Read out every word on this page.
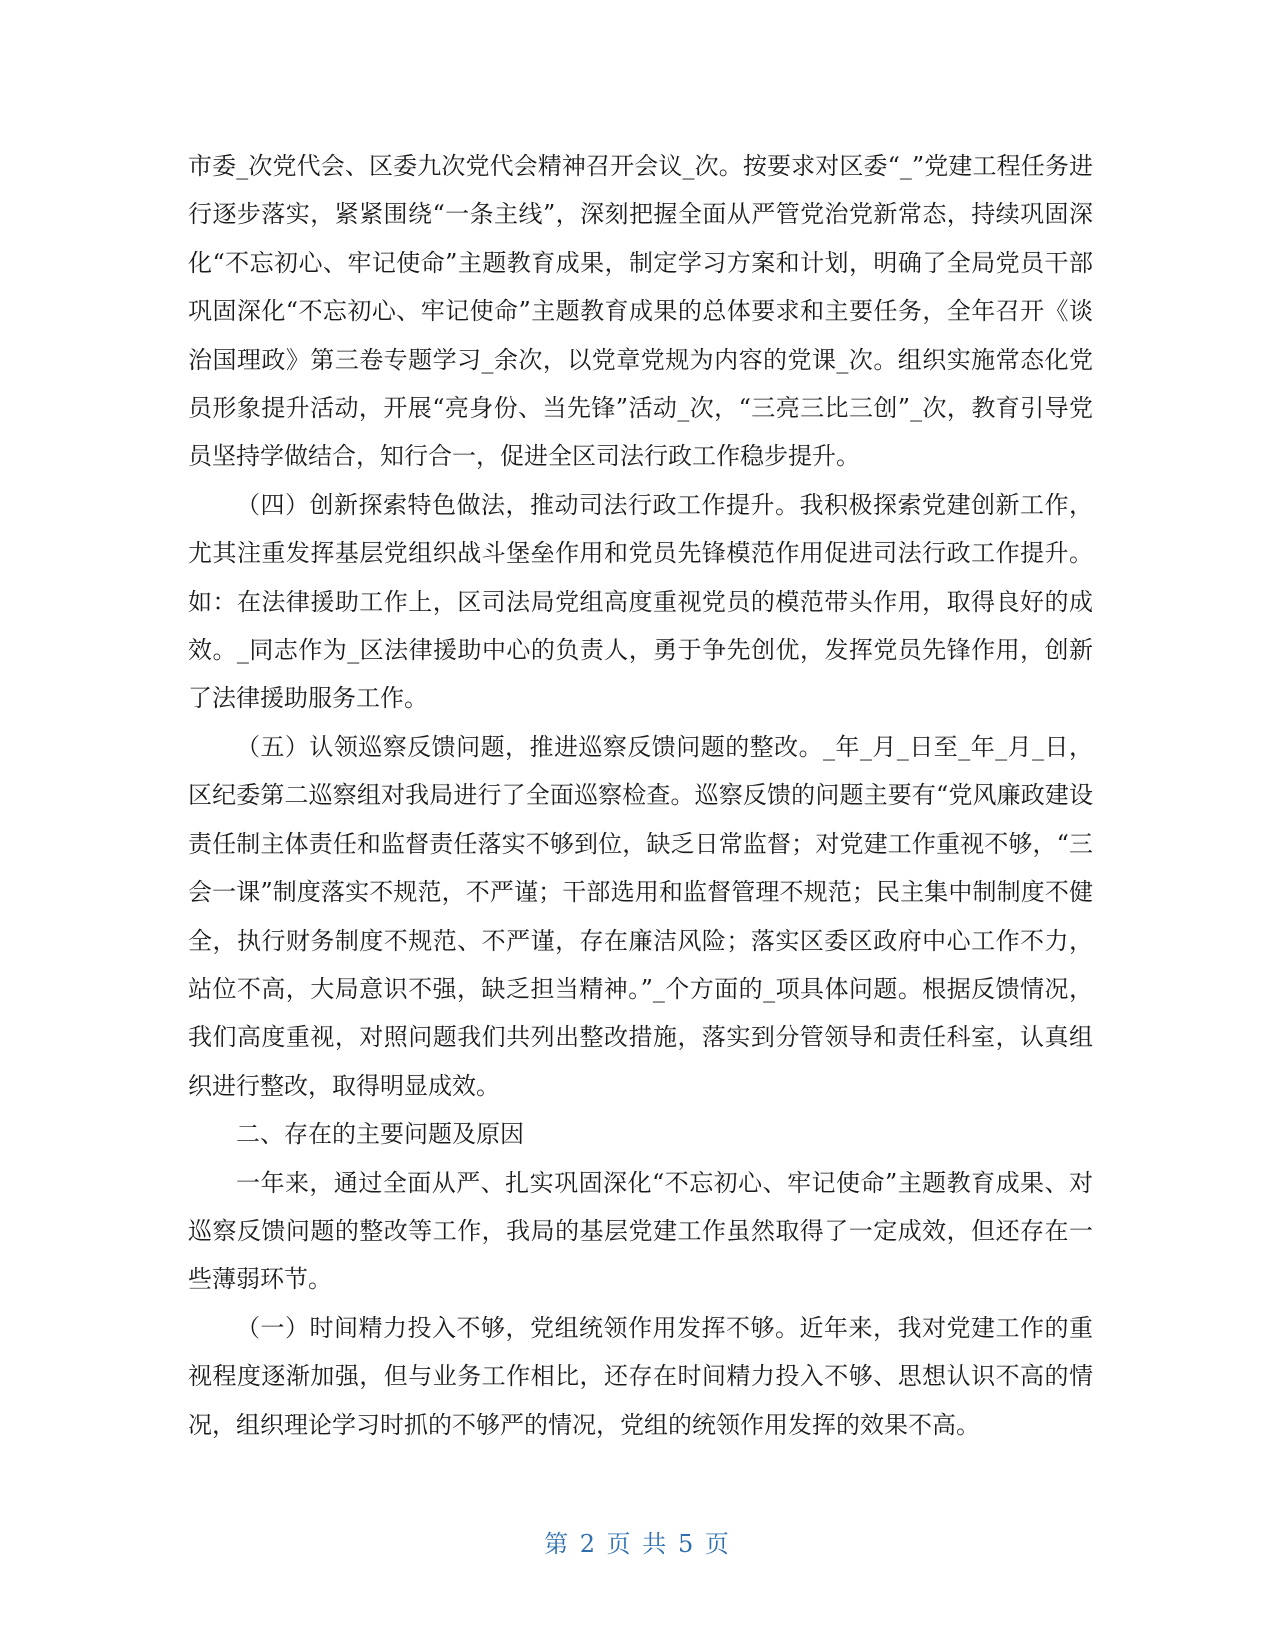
市委_次党代会、区委九次党代会精神召开会议_次。按要求对区委“_”党建工程任务进行逐步落实，紧紧围绕“一条主线”，深刻把握全面从严管党治党新常态，持续巩固深化“不忘初心、牢记使命”主题教育成果，制定学习方案和计划，明确了全局党员干部巩固深化“不忘初心、牢记使命”主题教育成果的总体要求和主要任务，全年召开《谈治国理政》第三卷专题学习_余次，以党章党规为内容的党课_次。组织实施常态化党员形象提升活动，开展“亮身份、当先锋”活动_次，“三亮三比三创”_次，教育引导党员坚持学做结合，知行合一，促进全区司法行政工作稳步提升。

（四）创新探索特色做法，推动司法行政工作提升。我积极探索党建创新工作，尤其注重发挥基层党组织战斗堡垒作用和党员先锋模范作用促进司法行政工作提升。如：在法律援助工作上，区司法局党组高度重视党员的模范带头作用，取得良好的成效。_同志作为_区法律援助中心的负责人，勇于争先创优，发挥党员先锋作用，创新了法律援助服务工作。

（五）认领巡察反馈问题，推进巡察反馈问题的整改。_年_月_日至_年_月_日，区纪委第二巡察组对我局进行了全面巡察检查。巡察反馈的问题主要有“党风廉政建设责任制主体责任和监督责任落实不够到位，缺乏日常监督；对党建工作重视不够，“三会一课”制度落实不规范，不严谨；干部选用和监督管理不规范；民主集中制制度不健全，执行财务制度不规范、不严谨，存在廉洁风险；落实区委区政府中心工作不力，站位不高，大局意识不强，缺乏担当精神。”_个方面的_项具体问题。根据反馈情况，我们高度重视，对照问题我们共列出整改措施，落实到分管领导和责任科室，认真组织进行整改，取得明显成效。

二、存在的主要问题及原因

一年来，通过全面从严、扎实巩固深化“不忘初心、牢记使命”主题教育成果、对巡察反馈问题的整改等工作，我局的基层党建工作虽然取得了一定成效，但还存在一些薄弱环节。

（一）时间精力投入不够，党组统领作用发挥不够。近年来，我对党建工作的重视程度逐渐加强，但与业务工作相比，还存在时间精力投入不够、思想认识不高的情况，组织理论学习时抓的不够严的情况，党组的统领作用发挥的效果不高。

第 2 页 共 5 页
